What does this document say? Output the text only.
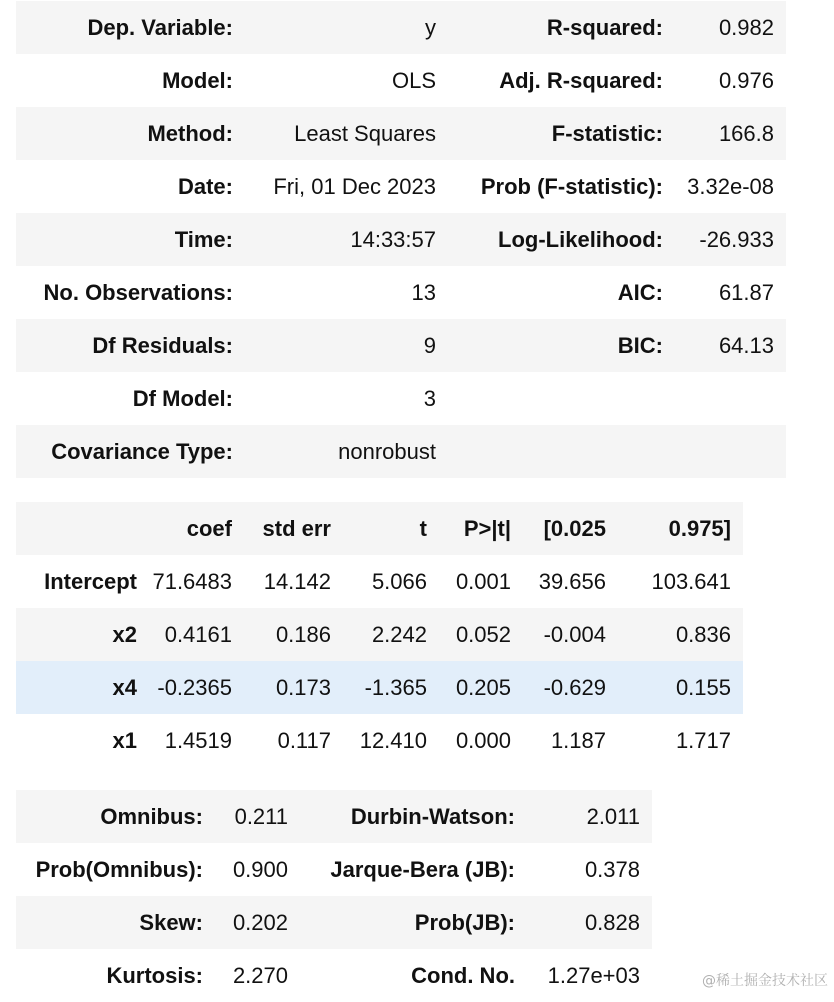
Dep. Variable:	y	R-squared:	0.982
Model:	OLS	Adj. R-squared:	0.976
Method:	Least Squares	F-statistic:	166.8
Date:	Fri, 01 Dec 2023	Prob (F-statistic):	3.32e-08
Time:	14:33:57	Log-Likelihood:	-26.933
No. Observations:	13	AIC:	61.87
Df Residuals:	9	BIC:	64.13
Df Model:	3		
Covariance Type:	nonrobust		
	coef	std err	t	P>|t|	[0.025	0.975]
Intercept	71.6483	14.142	5.066	0.001	39.656	103.641
x2	0.4161	0.186	2.242	0.052	-0.004	0.836
x4	-0.2365	0.173	-1.365	0.205	-0.629	0.155
x1	1.4519	0.117	12.410	0.000	1.187	1.717
Omnibus:	0.211	Durbin-Watson:	2.011
Prob(Omnibus):	0.900	Jarque-Bera (JB):	0.378
Skew:	0.202	Prob(JB):	0.828
Kurtosis:	2.270	Cond. No.	1.27e+03	@稀土掘金技术社区
